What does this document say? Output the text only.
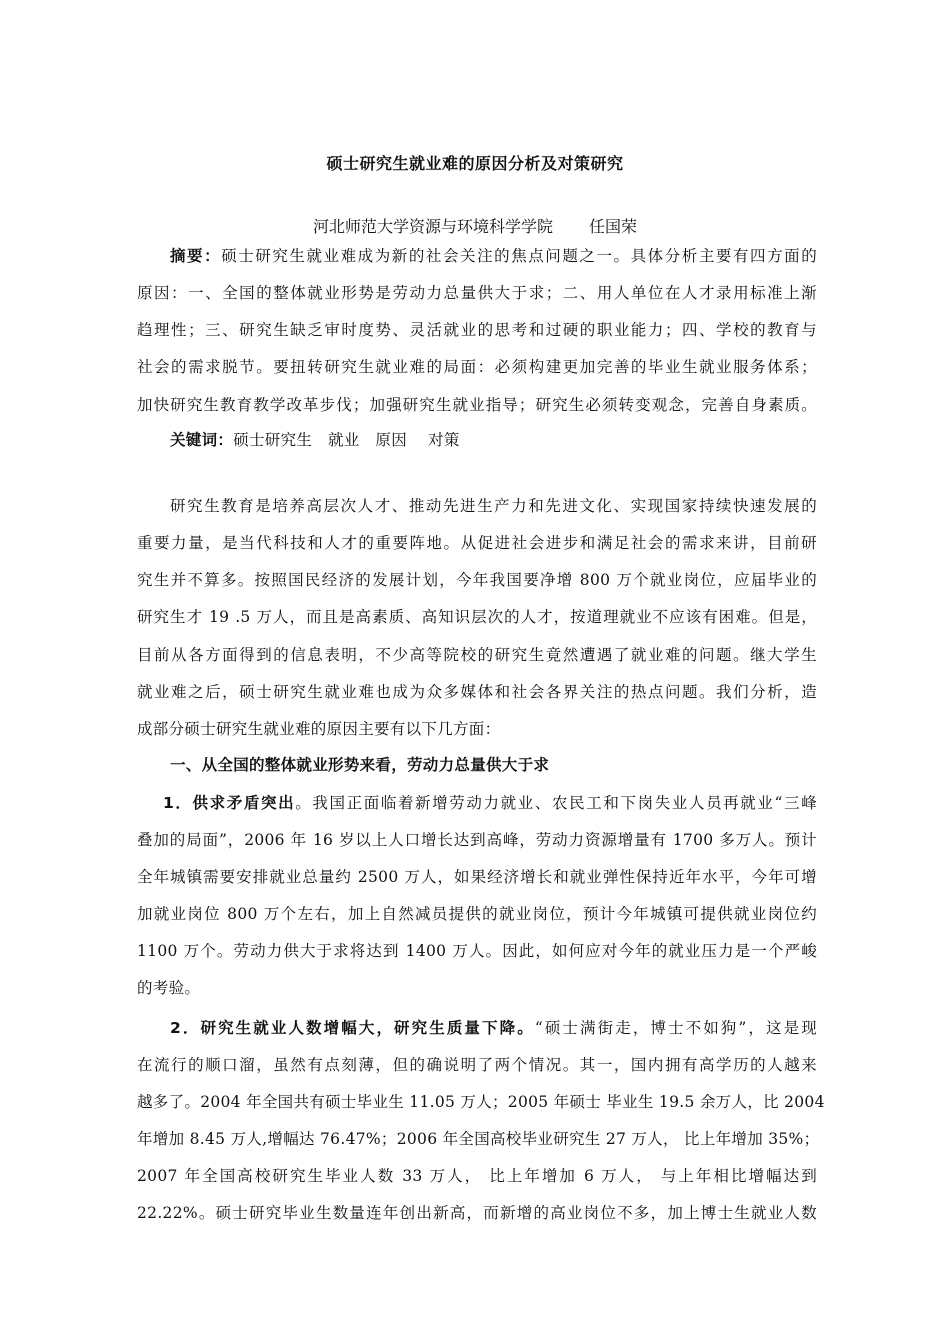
硕士研究生就业难的原因分析及对策研究
河北师范大学资源与环境科学学院 任国荣
摘要：硕士研究生就业难成为新的社会关注的焦点问题之一。具体分析主要有四方面的
原因：一、全国的整体就业形势是劳动力总量供大于求；二、用人单位在人才录用标准上渐
趋理性；三、研究生缺乏审时度势、灵活就业的思考和过硬的职业能力；四、学校的教育与
社会的需求脱节。要扭转研究生就业难的局面：必须构建更加完善的毕业生就业服务体系；
加快研究生教育教学改革步伐；加强研究生就业指导；研究生必须转变观念，完善自身素质。
关键词：硕士研究生　就业　原因　 对策
研究生教育是培养高层次人才、推动先进生产力和先进文化、实现国家持续快速发展的
重要力量，是当代科技和人才的重要阵地。从促进社会进步和满足社会的需求来讲，目前研
究生并不算多。按照国民经济的发展计划，今年我国要净增 800 万个就业岗位，应届毕业的
研究生才 19 .5 万人，而且是高素质、高知识层次的人才，按道理就业不应该有困难。但是，
目前从各方面得到的信息表明，不少高等院校的研究生竟然遭遇了就业难的问题。继大学生
就业难之后，硕士研究生就业难也成为众多媒体和社会各界关注的热点问题。我们分析，造
成部分硕士研究生就业难的原因主要有以下几方面：
一、从全国的整体就业形势来看，劳动力总量供大于求
1．供求矛盾突出。我国正面临着新增劳动力就业、农民工和下岗失业人员再就业“三峰
叠加的局面”，2006 年 16 岁以上人口增长达到高峰，劳动力资源增量有 1700 多万人。预计
全年城镇需要安排就业总量约 2500 万人，如果经济增长和就业弹性保持近年水平，今年可增
加就业岗位 800 万个左右，加上自然减员提供的就业岗位，预计今年城镇可提供就业岗位约
1100 万个。劳动力供大于求将达到 1400 万人。因此，如何应对今年的就业压力是一个严峻
的考验。
2．研究生就业人数增幅大，研究生质量下降。“硕士满街走，博士不如狗”，这是现
在流行的顺口溜，虽然有点刻薄，但的确说明了两个情况。其一，国内拥有高学历的人越来
越多了。2004 年全国共有硕士毕业生 11.05 万人；2005 年硕士 毕业生 19.5 余万人，比 2004
年增加 8.45 万人,增幅达 76.47%；2006 年全国高校毕业研究生 27 万人， 比上年增加 35%；
2007 年全国高校研究生毕业人数 33 万人， 比上年增加 6 万人， 与上年相比增幅达到
22.22%。硕士研究毕业生数量连年创出新高，而新增的高业岗位不多，加上博士生就业人数
